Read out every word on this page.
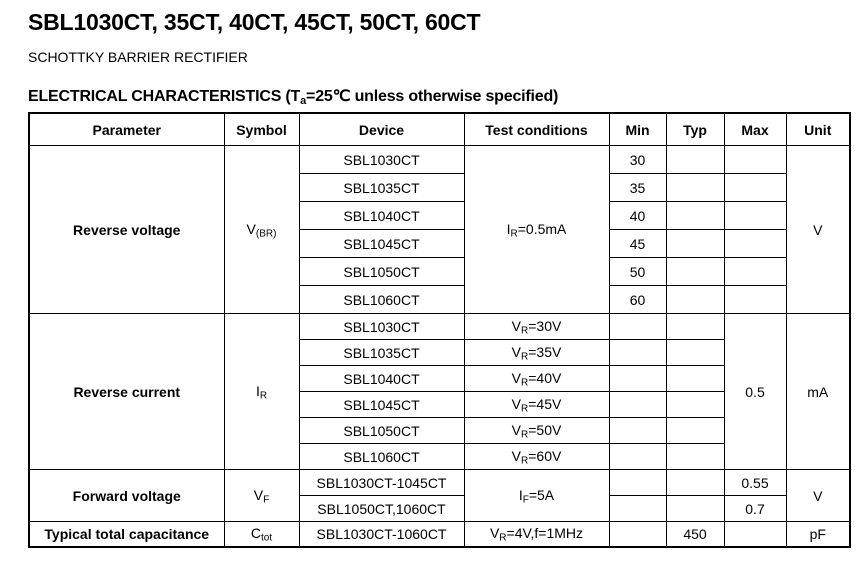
SBL1030CT, 35CT, 40CT, 45CT, 50CT, 60CT

SCHOTTKY BARRIER RECTIFIER

ELECTRICAL CHARACTERISTICS ($T_a=25℃$ unless otherwise specified)

Parameter	Symbol	Device	Test conditions	Min	Typ	Max	Unit
Reverse voltage	$V_{(BR)}$	SBL1030CT	$I_R=0.5mA$	30			V
		SBL1035CT		35			
		SBL1040CT		40			
		SBL1045CT		45			
		SBL1050CT		50			
		SBL1060CT		60			
Reverse current	$I_R$	SBL1030CT	$V_R=30V$			0.5	mA
		SBL1035CT	$V_R=35V$				
		SBL1040CT	$V_R=40V$				
		SBL1045CT	$V_R=45V$				
		SBL1050CT	$V_R=50V$				
		SBL1060CT	$V_R=60V$				
Forward voltage	$V_F$	SBL1030CT-1045CT	$I_F=5A$			0.55	V
		SBL1050CT,1060CT				0.7	
Typical total capacitance	$C_{tot}$	SBL1030CT-1060CT	$V_R=4V,f=1MHz$		450		pF
